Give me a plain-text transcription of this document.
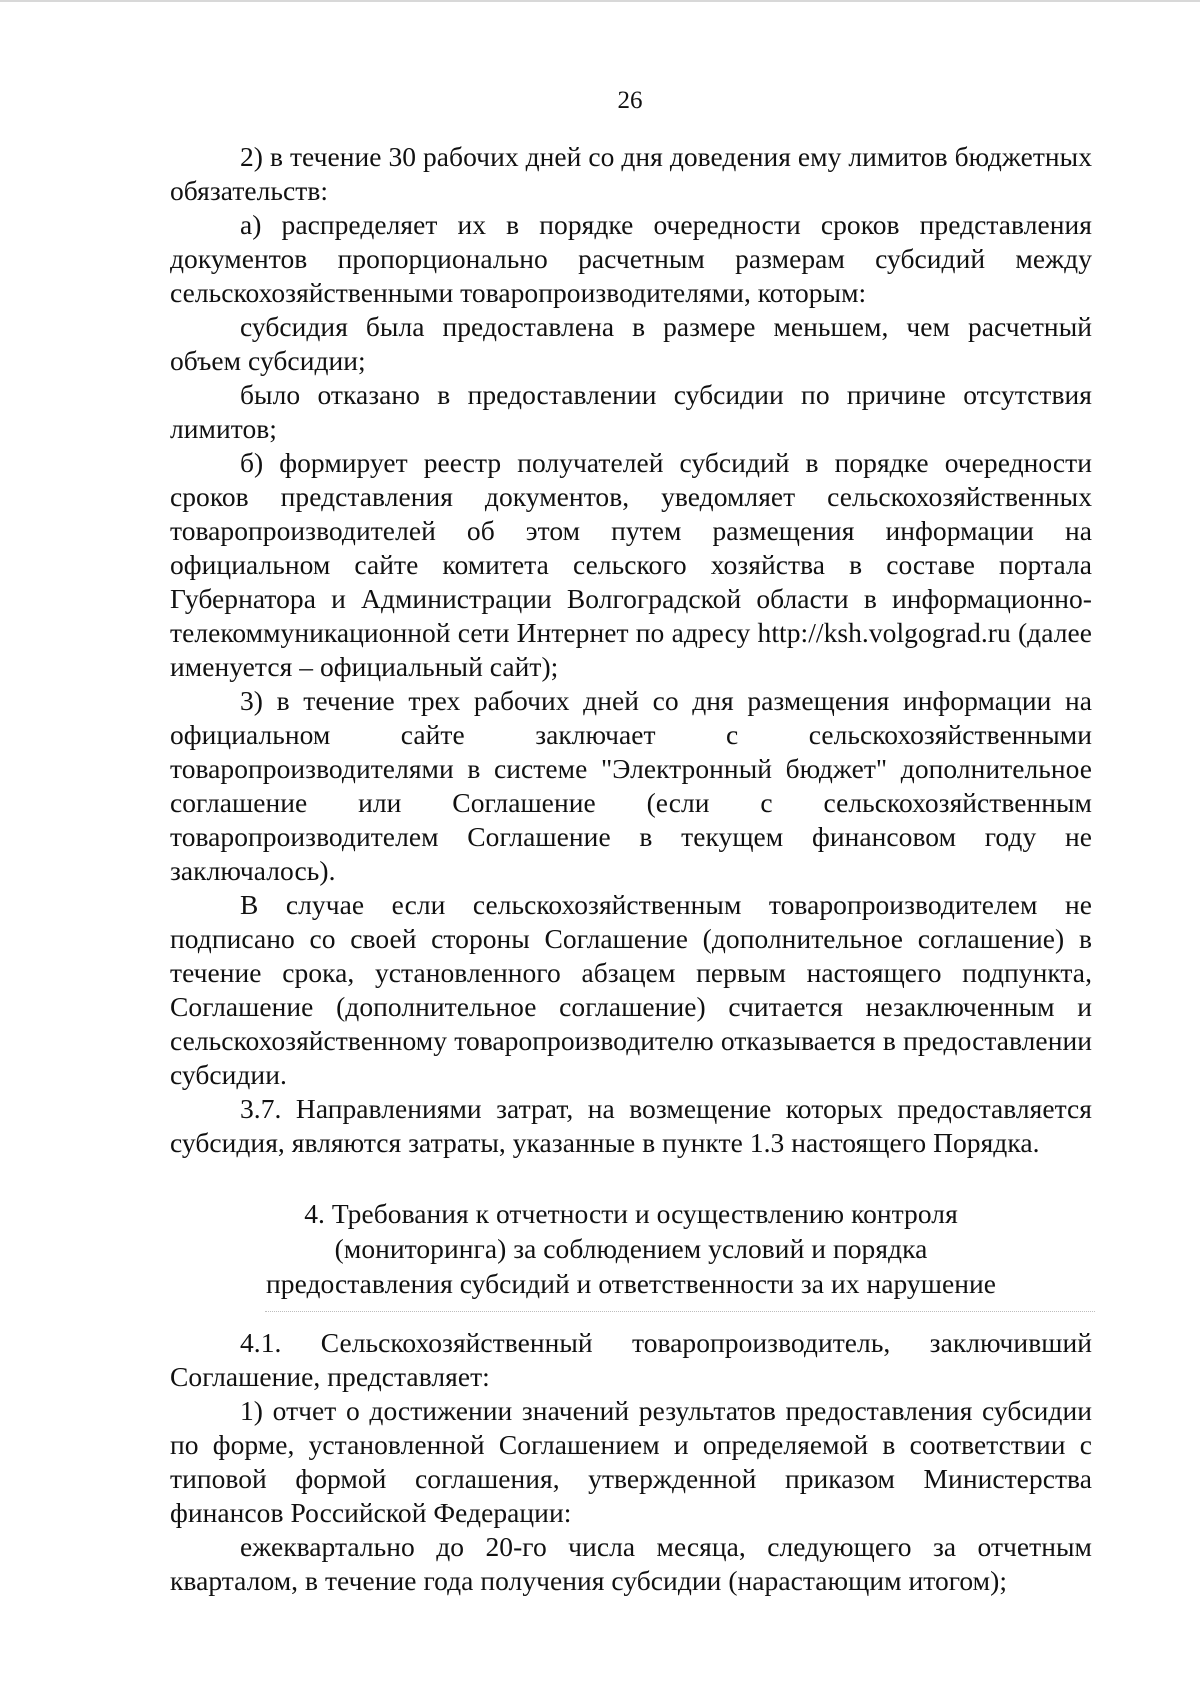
26

2) в течение 30 рабочих дней со дня доведения ему лимитов бюджетных обязательств:

а) распределяет их в порядке очередности сроков представления документов пропорционально расчетным размерам субсидий между сельскохозяйственными товаропроизводителями, которым:

субсидия была предоставлена в размере меньшем, чем расчетный объем субсидии;

было отказано в предоставлении субсидии по причине отсутствия лимитов;

б) формирует реестр получателей субсидий в порядке очередности сроков представления документов, уведомляет сельскохозяйственных товаропроизводителей об этом путем размещения информации на официальном сайте комитета сельского хозяйства в составе портала Губернатора и Администрации Волгоградской области в информационно-телекоммуникационной сети Интернет по адресу http://ksh.volgograd.ru (далее именуется – официальный сайт);

3) в течение трех рабочих дней со дня размещения информации на официальном сайте заключает с сельскохозяйственными товаропроизводителями в системе "Электронный бюджет" дополнительное соглашение или Соглашение (если с сельскохозяйственным товаропроизводителем Соглашение в текущем финансовом году не заключалось).

В случае если сельскохозяйственным товаропроизводителем не подписано со своей стороны Соглашение (дополнительное соглашение) в течение срока, установленного абзацем первым настоящего подпункта, Соглашение (дополнительное соглашение) считается незаключенным и сельскохозяйственному товаропроизводителю отказывается в предоставлении субсидии.

3.7. Направлениями затрат, на возмещение которых предоставляется субсидия, являются затраты, указанные в пункте 1.3 настоящего Порядка.

4. Требования к отчетности и осуществлению контроля
(мониторинга) за соблюдением условий и порядка
предоставления субсидий и ответственности за их нарушение

4.1. Сельскохозяйственный товаропроизводитель, заключивший Соглашение, представляет:

1) отчет о достижении значений результатов предоставления субсидии по форме, установленной Соглашением и определяемой в соответствии с типовой формой соглашения, утвержденной приказом Министерства финансов Российской Федерации:

ежеквартально до 20-го числа месяца, следующего за отчетным кварталом, в течение года получения субсидии (нарастающим итогом);
